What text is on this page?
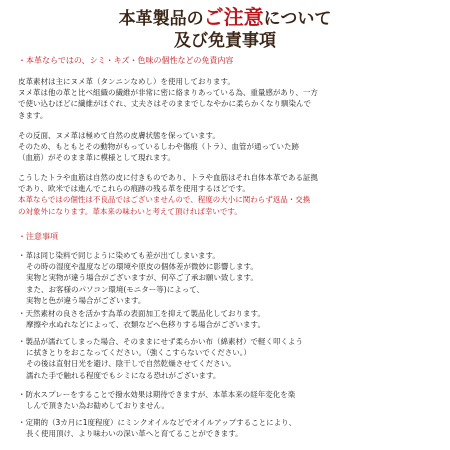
本革製品のご注意について
及び免責事項
・本革ならではの、シミ・キズ・色味の個性などの免責内容
皮革素材は主にヌメ革（タンニンなめし）を使用しております。
ヌメ革は他の革と比べ組織の繊維が非常に密に絡まりあっている為、重量感があり、一方
で使い込むほどに繊維がほぐれ、丈夫さはそのままでしなやかに柔らかくなり馴染んで
きます。
その反面、ヌメ革は極めて自然の皮膚状態を保っています。
そのため、もともとその動物がもっているしわや傷痕（トラ）、血管が通っていた跡
（血筋）がそのまま革に模様として現れます。
こうしたトラや血筋は自然の皮に付きものであり、トラや血筋はそれ自体本革である証拠
であり、欧米では進んでこれらの痕跡の残る革を使用するほどです。
本革ならではの個性は不良品ではございませんので、程度の大小に関わらず返品・交換
の対象外になります。革本来の味わいと考えて頂ければ幸いです。
・注意事項
・革は同じ染料で同じように染めても差が出てしまいます。
その時の湿度や温度などの環境や原皮の個体差が微妙に影響します。
実物と実物が違う場合がございますが、何卒ご了承お願い致します。
また、お客様のパソコン環境(モニター等)によって、
実物と色が違う場合がございます。
・天然素材の良さを活かす為革の表面加工を抑えて製品化しております。
摩擦や水ぬれなどによって、衣類などへ色移りする場合がございます。
・製品が濡れてしまった場合、そのままにせず柔らかい布（綿素材）で軽く叩くよう
に拭きとりをおこなってください。（強くこすらないでください。）
その後は直射日光を避け、陰干しで自然乾燥させてください。
濡れた手で触れる程度でもシミになる恐れがございます。
・防水スプレーをすることで撥水効果は期待できますが、本革本来の経年変化を楽
しんで頂きたい為お勧めしておりません。
・定期的（3カ月に1度程度）にミンクオイルなどでオイルアップすることにより、
長く使用頂け、より味わいの深い革へと育てることができます。
